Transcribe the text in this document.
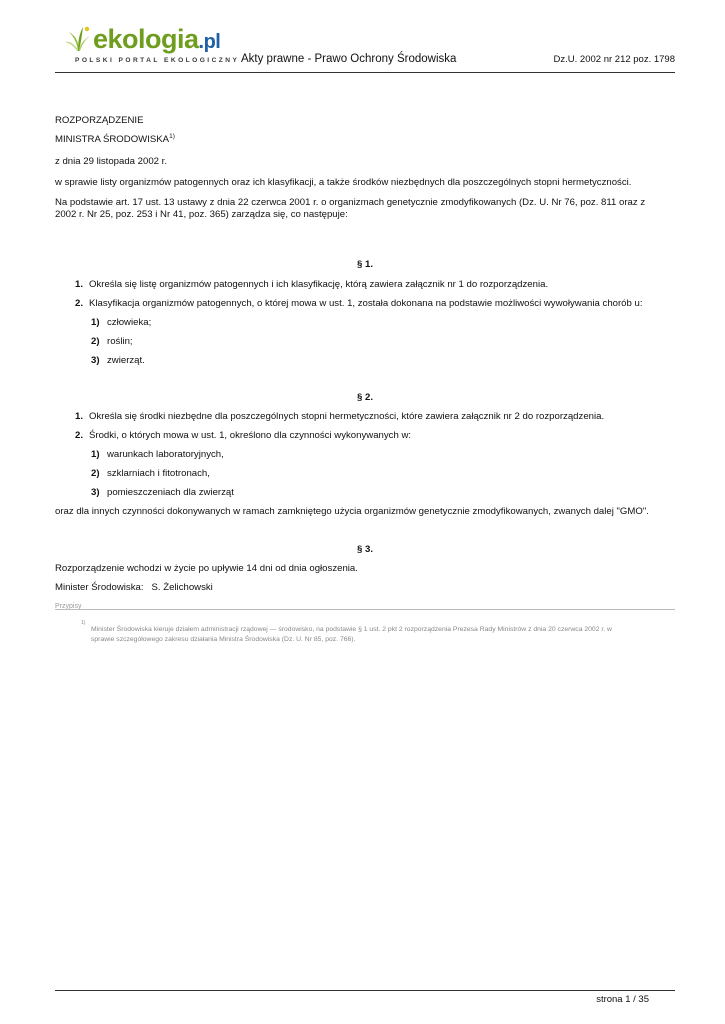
ekologia.pl
POLSKI PORTAL EKOLOGICZNY Akty prawne - Prawo Ochrony Środowiska	Dz.U. 2002 nr 212 poz. 1798
ROZPORZĄDZENIE
MINISTRA ŚRODOWISKA$^{1)}$
z dnia 29 listopada 2002 r.
w sprawie listy organizmów patogennych oraz ich klasyfikacji, a także środków niezbędnych dla poszczególnych stopni hermetyczności.
Na podstawie art. 17 ust. 13 ustawy z dnia 22 czerwca 2001 r. o organizmach genetycznie zmodyfikowanych (Dz. U. Nr 76, poz. 811 oraz z
2002 r. Nr 25, poz. 253 i Nr 41, poz. 365) zarządza się, co następuje:
§ 1.
1. Określa się listę organizmów patogennych i ich klasyfikację, którą zawiera załącznik nr 1 do rozporządzenia.
2. Klasyfikacja organizmów patogennych, o której mowa w ust. 1, została dokonana na podstawie możliwości wywoływania chorób u:
1) człowieka;
2) roślin;
3) zwierząt.
§ 2.
1. Określa się środki niezbędne dla poszczególnych stopni hermetyczności, które zawiera załącznik nr 2 do rozporządzenia.
2. Środki, o których mowa w ust. 1, określono dla czynności wykonywanych w:
1) warunkach laboratoryjnych,
2) szklarniach i fitotronach,
3) pomieszczeniach dla zwierząt
oraz dla innych czynności dokonywanych w ramach zamkniętego użycia organizmów genetycznie zmodyfikowanych, zwanych dalej "GMO".
§ 3.
Rozporządzenie wchodzi w życie po upływie 14 dni od dnia ogłoszenia.
Minister Środowiska:   S. Żelichowski
Przypisy
1)
Minister Środowiska kieruje działem administracji rządowej — środowisko, na podstawie § 1 ust. 2 pkt 2 rozporządzenia Prezesa Rady Ministrów z dnia 20 czerwca 2002 r. w
sprawie szczegółowego zakresu działania Ministra Środowiska (Dz. U. Nr 85, poz. 766).
strona 1 / 35
